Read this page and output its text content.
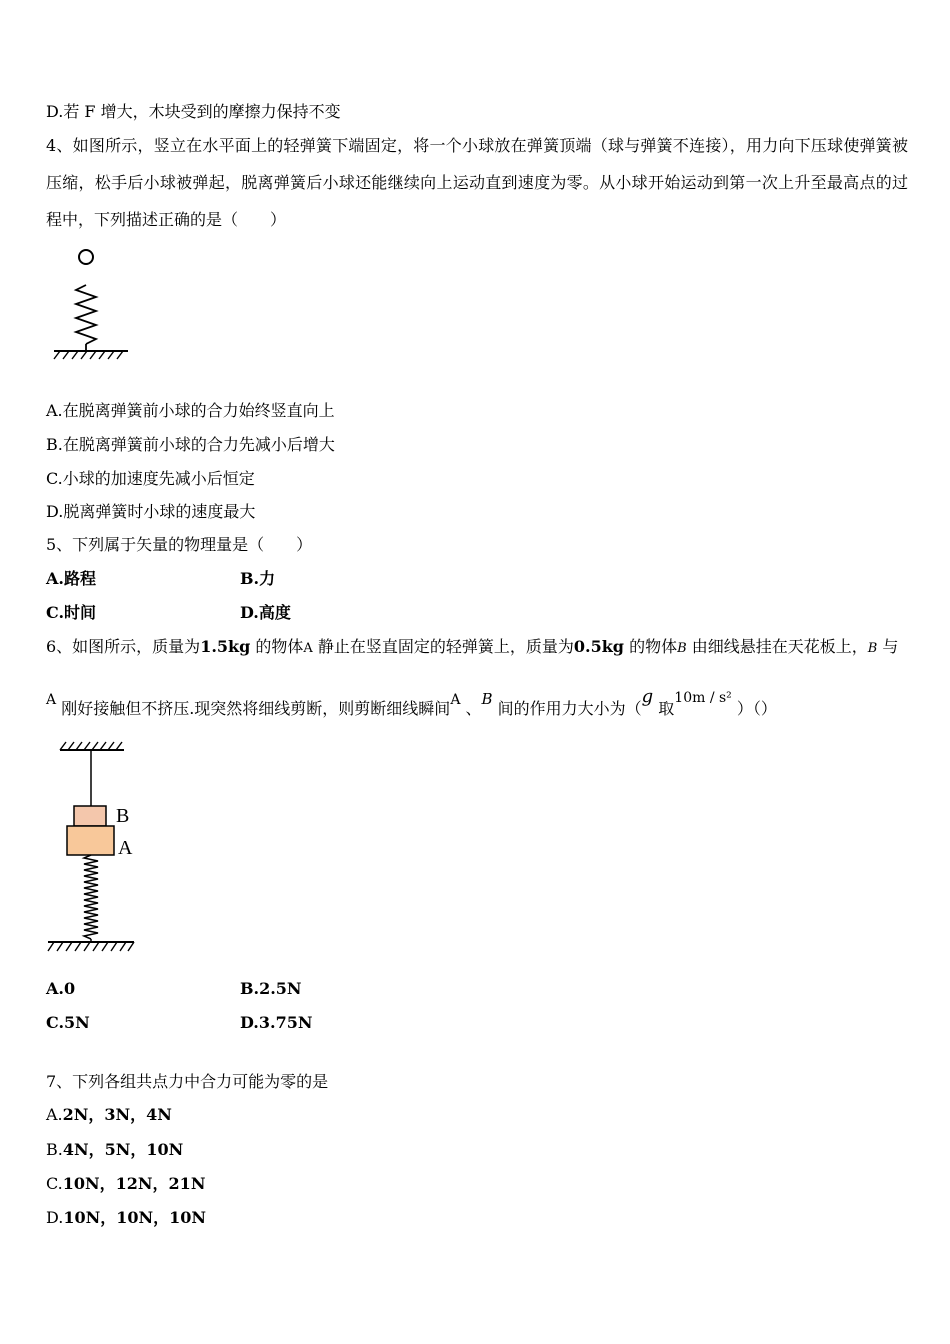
D.若 F 增大，木块受到的摩擦力保持不变
4、如图所示，竖立在水平面上的轻弹簧下端固定，将一个小球放在弹簧顶端（球与弹簧不连接），用力向下压球使弹簧被压缩，松手后小球被弹起，脱离弹簧后小球还能继续向上运动直到速度为零。从小球开始运动到第一次上升至最高点的过程中，下列描述正确的是（　　）
A.在脱离弹簧前小球的合力始终竖直向上
B.在脱离弹簧前小球的合力先减小后增大
C.小球的加速度先减小后恒定
D.脱离弹簧时小球的速度最大
5、下列属于矢量的物理量是（　　）
A.路程	B.力
C.时间	D.高度
6、如图所示，质量为1.5kg 的物体A 静止在竖直固定的轻弹簧上，质量为0.5kg 的物体B 由细线悬挂在天花板上，B 与
A 刚好接触但不挤压.现突然将细线剪断，则剪断细线瞬间A 、B 间的作用力大小为（g 取10m / s² ）（）
B
A
A.0	B.2.5N
C.5N	D.3.75N
7、下列各组共点力中合力可能为零的是
A.2N，3N，4N
B.4N，5N，10N
C.10N，12N，21N
D.10N，10N，10N
